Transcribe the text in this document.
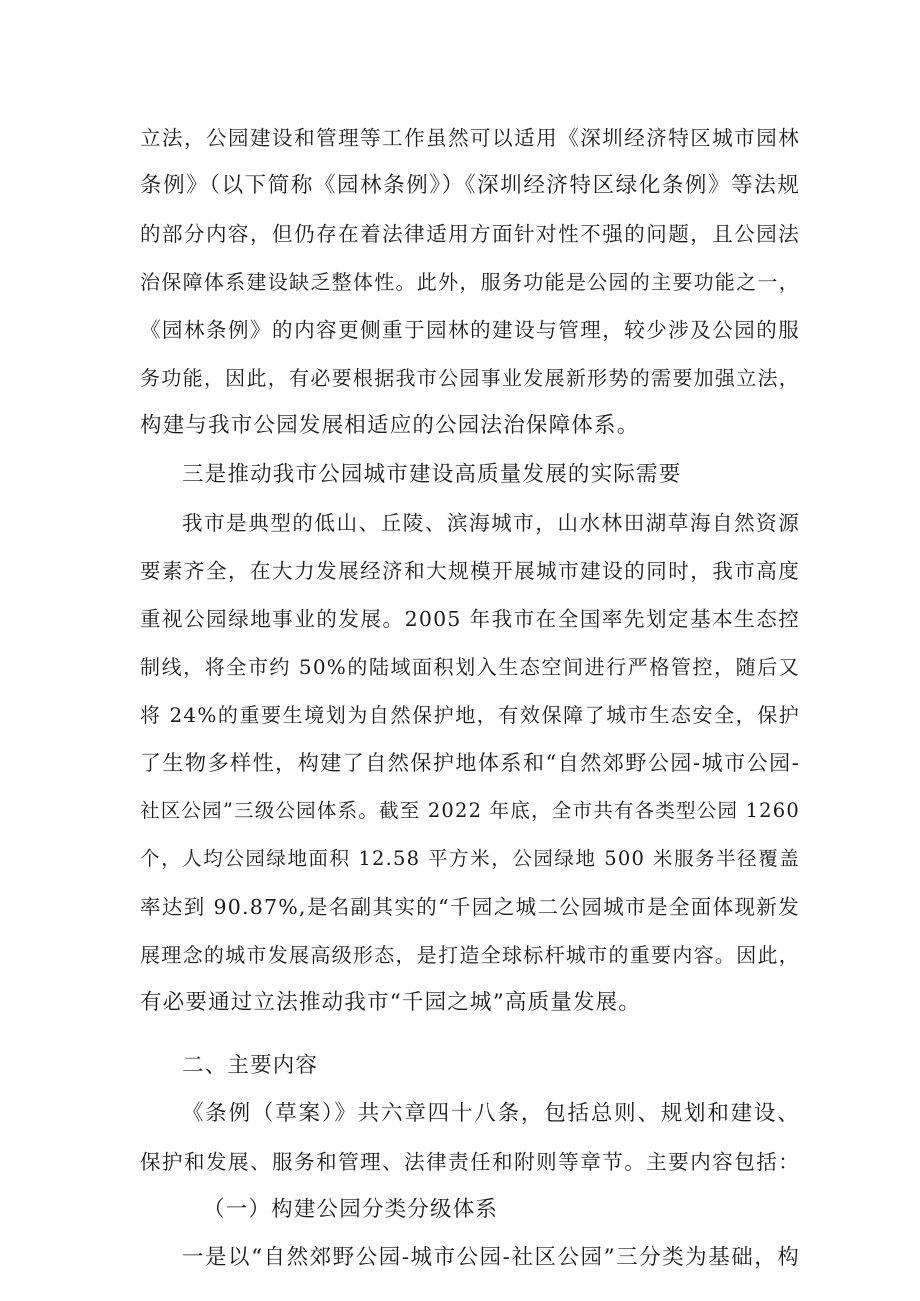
立法，公园建设和管理等工作虽然可以适用《深圳经济特区城市园林
条例》（以下简称《园林条例》）《深圳经济特区绿化条例》等法规
的部分内容，但仍存在着法律适用方面针对性不强的问题，且公园法
治保障体系建设缺乏整体性。此外，服务功能是公园的主要功能之一，
《园林条例》的内容更侧重于园林的建设与管理，较少涉及公园的服
务功能，因此，有必要根据我市公园事业发展新形势的需要加强立法，
构建与我市公园发展相适应的公园法治保障体系。
三是推动我市公园城市建设高质量发展的实际需要
我市是典型的低山、丘陵、滨海城市，山水林田湖草海自然资源
要素齐全，在大力发展经济和大规模开展城市建设的同时，我市高度
重视公园绿地事业的发展。2005 年我市在全国率先划定基本生态控
制线，将全市约 50%的陆域面积划入生态空间进行严格管控，随后又
将 24%的重要生境划为自然保护地，有效保障了城市生态安全，保护
了生物多样性，构建了自然保护地体系和“自然郊野公园-城市公园-
社区公园”三级公园体系。截至 2022 年底，全市共有各类型公园 1260
个，人均公园绿地面积 12.58 平方米，公园绿地 500 米服务半径覆盖
率达到 90.87%,是名副其实的“千园之城二公园城市是全面体现新发
展理念的城市发展高级形态，是打造全球标杆城市的重要内容。因此，
有必要通过立法推动我市“千园之城”高质量发展。
二、主要内容
《条例（草案）》共六章四十八条，包括总则、规划和建设、
保护和发展、服务和管理、法律责任和附则等章节。主要内容包括：
（一）构建公园分类分级体系
一是以“自然郊野公园-城市公园-社区公园”三分类为基础，构
